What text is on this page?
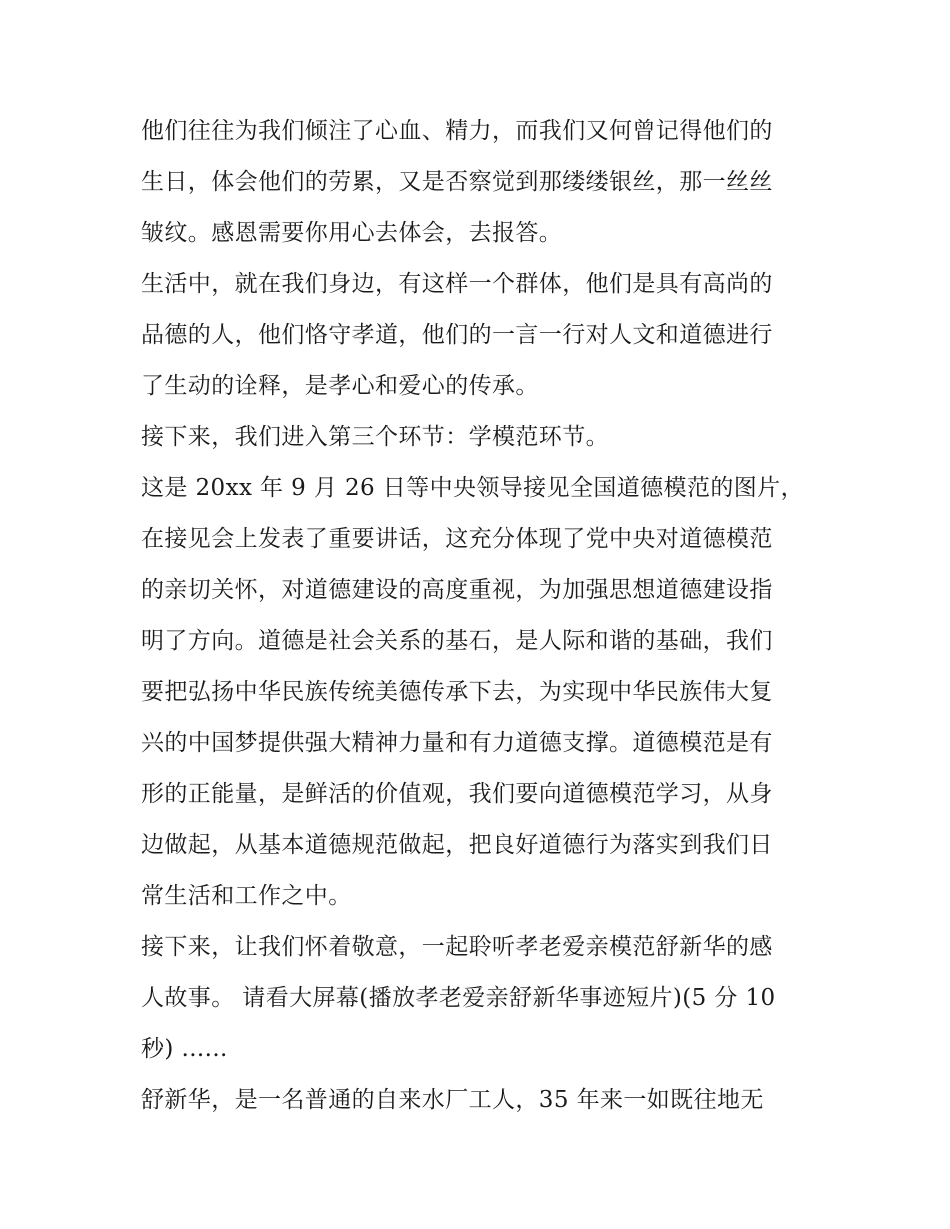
他们往往为我们倾注了心血、精力，而我们又何曾记得他们的
生日，体会他们的劳累，又是否察觉到那缕缕银丝，那一丝丝
皱纹。感恩需要你用心去体会，去报答。
生活中，就在我们身边，有这样一个群体，他们是具有高尚的
品德的人，他们恪守孝道，他们的一言一行对人文和道德进行
了生动的诠释，是孝心和爱心的传承。
接下来，我们进入第三个环节：学模范环节。
这是 20xx 年 9 月 26 日等中央领导接见全国道德模范的图片，
在接见会上发表了重要讲话，这充分体现了党中央对道德模范
的亲切关怀，对道德建设的高度重视，为加强思想道德建设指
明了方向。道德是社会关系的基石，是人际和谐的基础，我们
要把弘扬中华民族传统美德传承下去，为实现中华民族伟大复
兴的中国梦提供强大精神力量和有力道德支撑。道德模范是有
形的正能量，是鲜活的价值观，我们要向道德模范学习，从身
边做起，从基本道德规范做起，把良好道德行为落实到我们日
常生活和工作之中。
接下来，让我们怀着敬意，一起聆听孝老爱亲模范舒新华的感
人故事。 请看大屏幕(播放孝老爱亲舒新华事迹短片)(5 分 10
秒) ......
舒新华，是一名普通的自来水厂工人，35 年来一如既往地无
